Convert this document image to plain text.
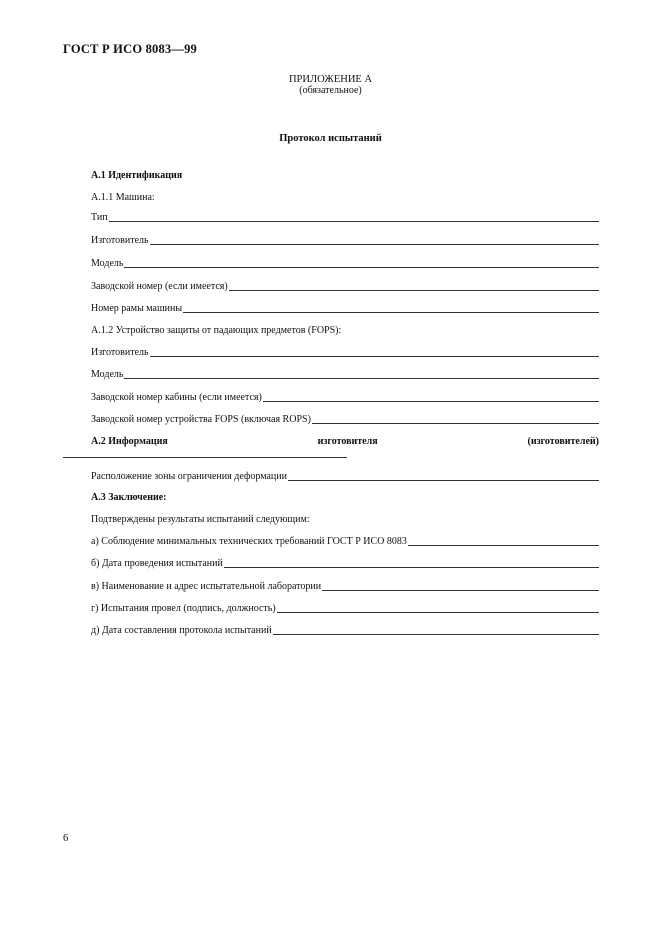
ГОСТ Р ИСО 8083—99
ПРИЛОЖЕНИЕ А
(обязательное)
Протокол испытаний
А.1 Идентификация
А.1.1 Машина:
Тип
Изготовитель
Модель
Заводской номер (если имеется)
Номер рамы машины
А.1.2 Устройство защиты от падающих предметов (FOPS):
Изготовитель
Модель
Заводской номер кабины (если имеется)
Заводской номер устройства FOPS (включая ROPS)
А.2 Информация	изготовителя	(изготовителей)
Расположение зоны ограничения деформации
А.3 Заключение:
Подтверждены результаты испытаний следующим:
а) Соблюдение минимальных технических требований ГОСТ Р ИСО 8083
б) Дата проведения испытаний
в) Наименование и адрес испытательной лаборатории
г) Испытания провел (подпись, должность)
д) Дата составления протокола испытаний
6
